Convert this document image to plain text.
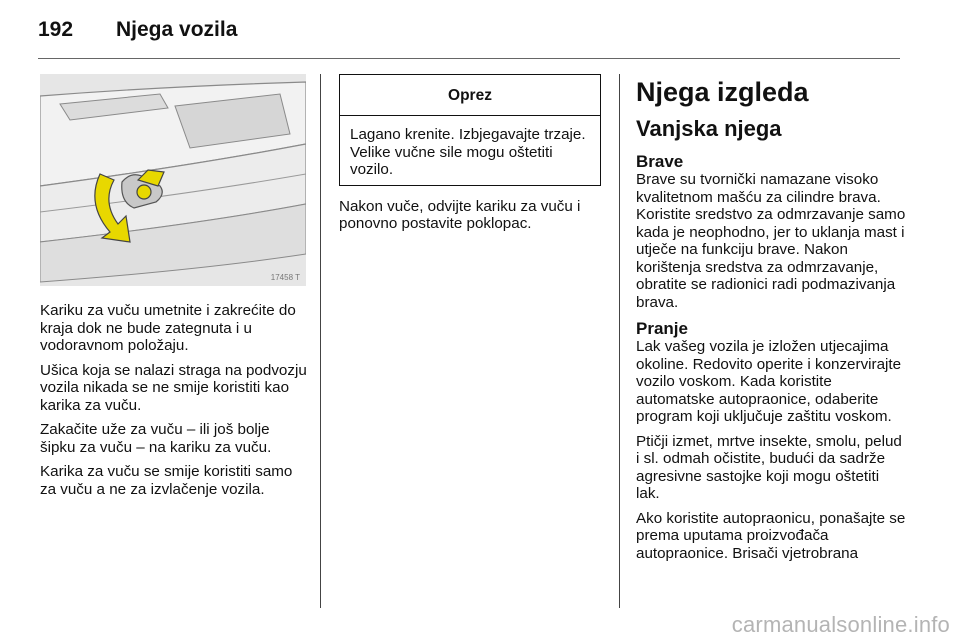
192	Njega vozila
17458 T

Kariku za vuču umetnite i zakrećite do kraja dok ne bude zategnuta i u vodoravnom položaju.

Ušica koja se nalazi straga na podvozju vozila nikada se ne smije koristiti kao karika za vuču.

Zakačite uže za vuču – ili još bolje šipku za vuču – na kariku za vuču.

Karika za vuču se smije koristiti samo za vuču a ne za izvlačenje vozila.

Oprez

Lagano krenite. Izbjegavajte trzaje. Velike vučne sile mogu oštetiti vozilo.

Nakon vuče, odvijte kariku za vuču i ponovno postavite poklopac.

Njega izgleda
Vanjska njega
Brave

Brave su tvornički namazane visoko kvalitetnom mašću za cilindre brava. Koristite sredstvo za odmrzavanje samo kada je neophodno, jer to uklanja mast i utječe na funkciju brave. Nakon korištenja sredstva za odmrzavanje, obratite se radionici radi podmazivanja brava.

Pranje

Lak vašeg vozila je izložen utjecajima okoline. Redovito operite i konzervirajte vozilo voskom. Kada koristite automatske autopraonice, odaberite program koji uključuje zaštitu voskom.

Ptičji izmet, mrtve insekte, smolu, pelud i sl. odmah očistite, budući da sadrže agresivne sastojke koji mogu oštetiti lak.

Ako koristite autopraonicu, ponašajte se prema uputama proizvođača autopraonice. Brisači vjetrobrana

carmanualsonline.info
